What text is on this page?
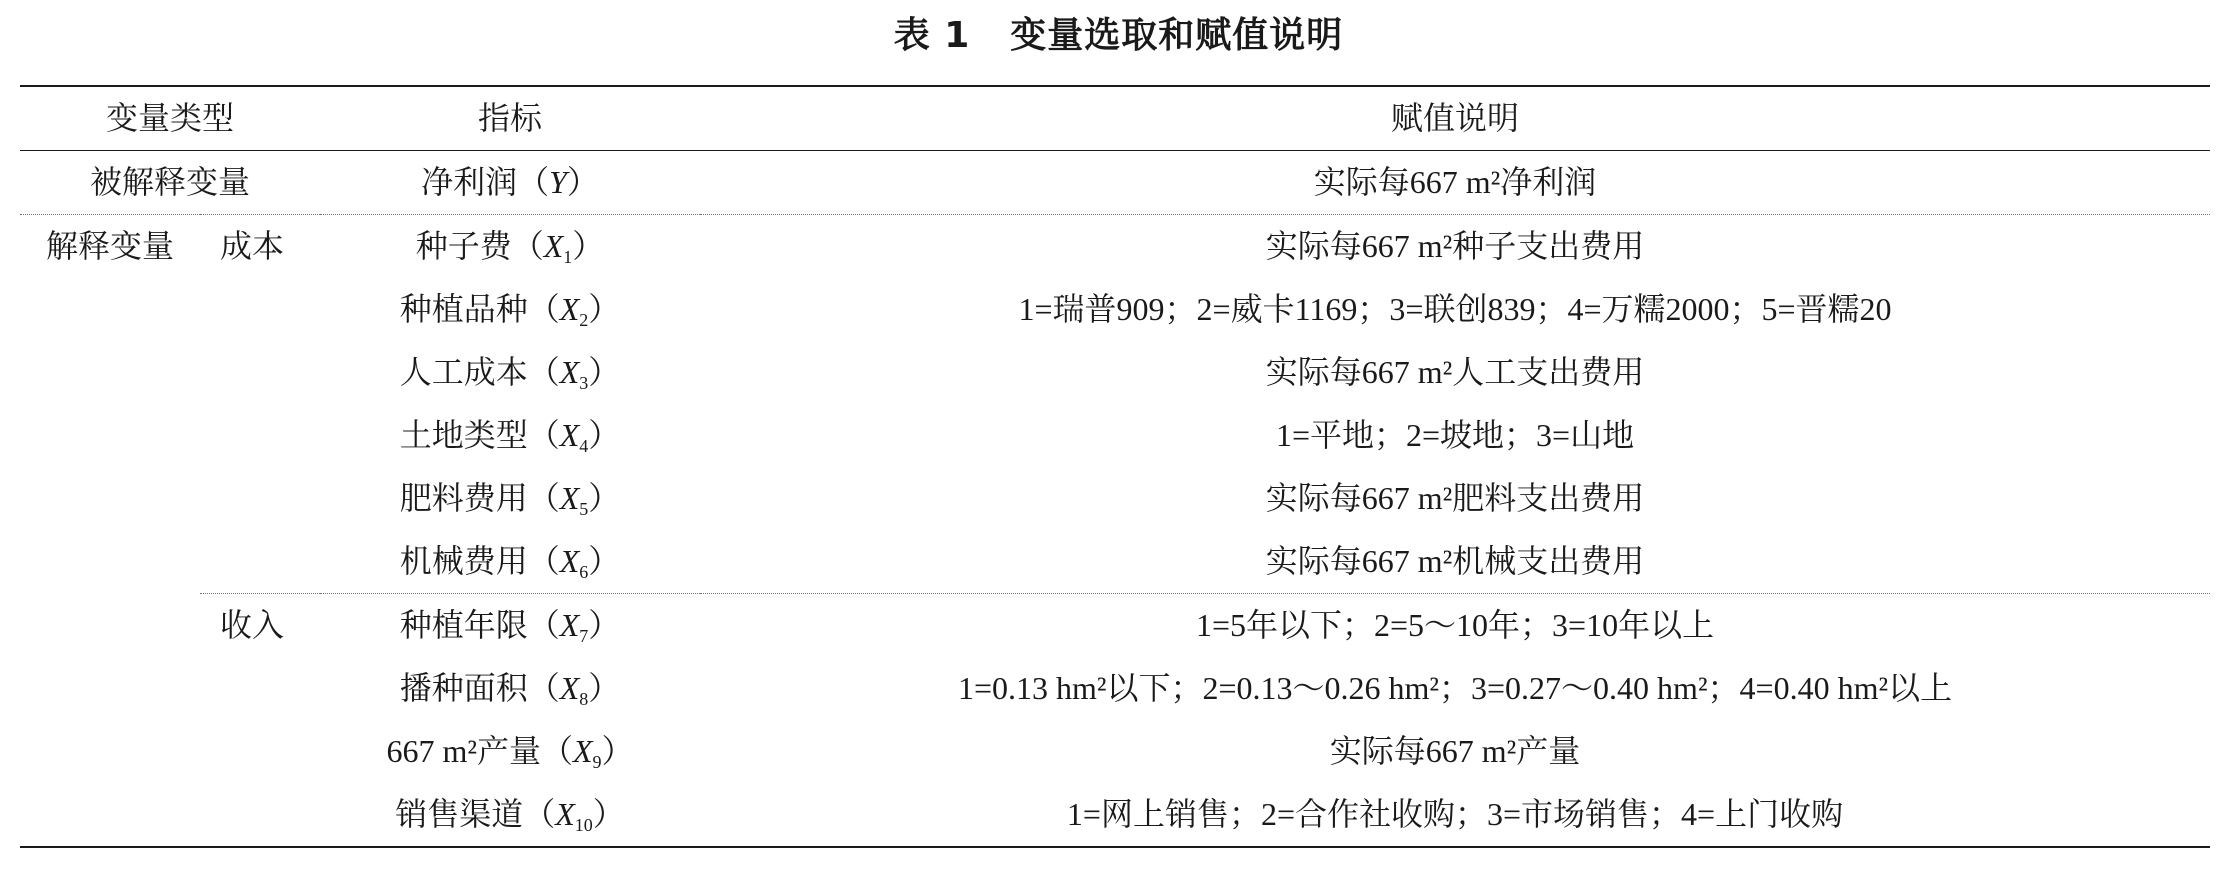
表 1 变量选取和赋值说明
变量类型		指标	赋值说明
被解释变量		净利润（Y）	实际每667 m²净利润
解释变量	成本	种子费$(X_1)$	实际每667 m²种子支出费用
		种植品种$(X_2)$	1=瑞普909；2=威卡1169；3=联创839；4=万糯2000；5=晋糯20
		人工成本$(X_3)$	实际每667 m²人工支出费用
		土地类型$(X_4)$	1=平地；2=坡地；3=山地
		肥料费用$(X_5)$	实际每667 m²肥料支出费用
		机械费用$(X_6)$	实际每667 m²机械支出费用
	收入	种植年限$(X_7)$	1=5年以下；2=5～10年；3=10年以上
		播种面积$(X_8)$	1=0.13 hm²以下；2=0.13～0.26 hm²；3=0.27～0.40 hm²；4=0.40 hm²以上
		667 m²产量$(X_9)$	实际每667 m²产量
		销售渠道$(X_{10})$	1=网上销售；2=合作社收购；3=市场销售；4=上门收购
